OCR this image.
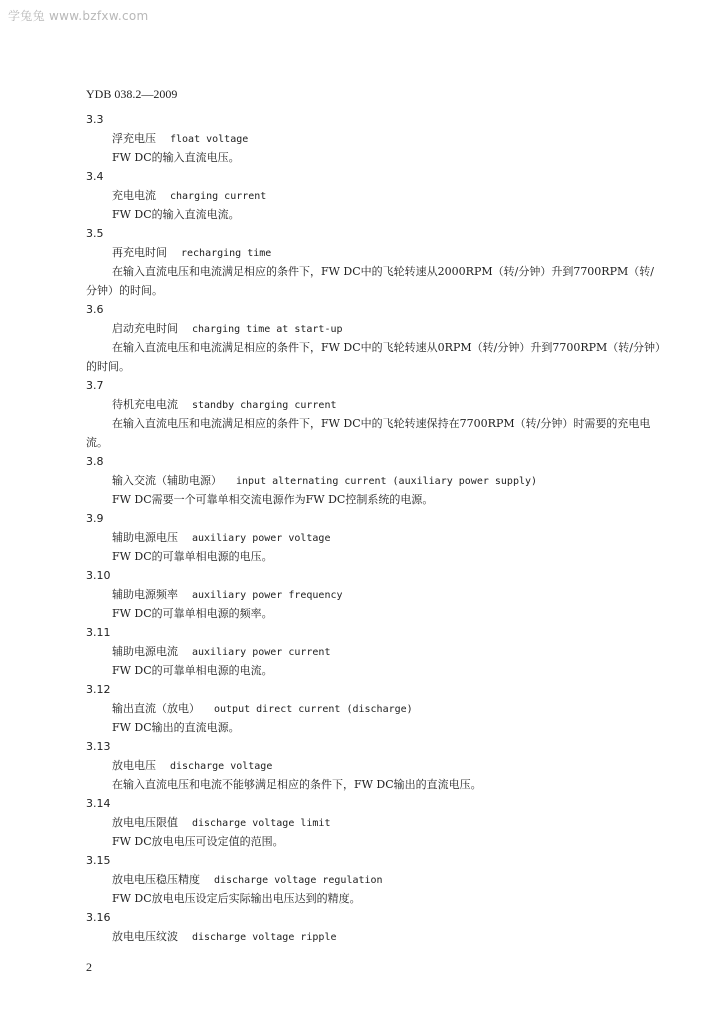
学兔兔 www.bzfxw.com
YDB 038.2—2009
3.3
浮充电压 float voltage

FW DC的输入直流电压。

3.4
充电电流 charging current

FW DC的输入直流电流。

3.5
再充电时间 recharging time

在输入直流电压和电流满足相应的条件下，FW DC中的飞轮转速从2000RPM（转/分钟）升到7700RPM（转/分钟）的时间。

3.6
启动充电时间 charging time at start-up

在输入直流电压和电流满足相应的条件下，FW DC中的飞轮转速从0RPM（转/分钟）升到7700RPM（转/分钟）的时间。

3.7
待机充电电流 standby charging current

在输入直流电压和电流满足相应的条件下，FW DC中的飞轮转速保持在7700RPM（转/分钟）时需要的充电电流。

3.8
输入交流（辅助电源） input alternating current (auxiliary power supply)

FW DC需要一个可靠单相交流电源作为FW DC控制系统的电源。

3.9
辅助电源电压 auxiliary power voltage

FW DC的可靠单相电源的电压。

3.10
辅助电源频率 auxiliary power frequency

FW DC的可靠单相电源的频率。

3.11
辅助电源电流 auxiliary power current

FW DC的可靠单相电源的电流。

3.12
输出直流（放电） output direct current (discharge)

FW DC输出的直流电源。

3.13
放电电压 discharge voltage

在输入直流电压和电流不能够满足相应的条件下，FW DC输出的直流电压。

3.14
放电电压限值 discharge voltage limit

FW DC放电电压可设定值的范围。

3.15
放电电压稳压精度 discharge voltage regulation

FW DC放电电压设定后实际输出电压达到的精度。

3.16
放电电压纹波 discharge voltage ripple
2
